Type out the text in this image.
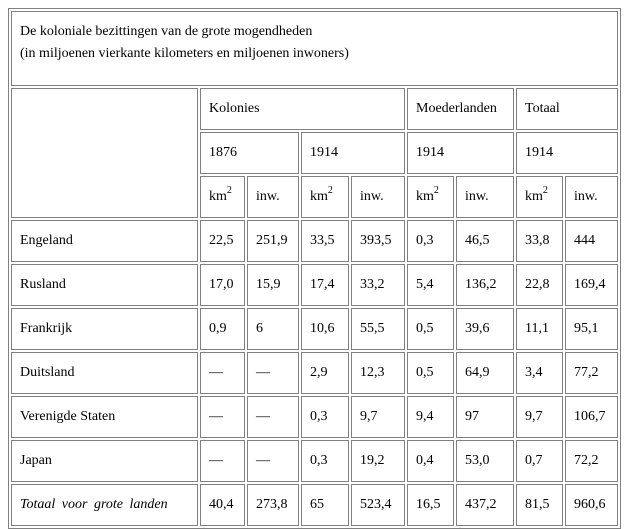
De koloniale bezittingen van de grote mogendheden
(in miljoenen vierkante kilometers en miljoenen inwoners)								
	Kolonies				Moederlanden		Totaal	
	1876		1914		1914		1914	
	$km^2$	inw.	$km^2$	inw.	$km^2$	inw.	$km^2$	inw.
Engeland	22,5	251,9	33,5	393,5	0,3	46,5	33,8	444
Rusland	17,0	15,9	17,4	33,2	5,4	136,2	22,8	169,4
Frankrijk	0,9	6	10,6	55,5	0,5	39,6	11,1	95,1
Duitsland	—	—	2,9	12,3	0,5	64,9	3,4	77,2
Verenigde Staten	—	—	0,3	9,7	9,4	97	9,7	106,7
Japan	—	—	0,3	19,2	0,4	53,0	0,7	72,2
Totaal voor grote landen	40,4	273,8	65	523,4	16,5	437,2	81,5	960,6
